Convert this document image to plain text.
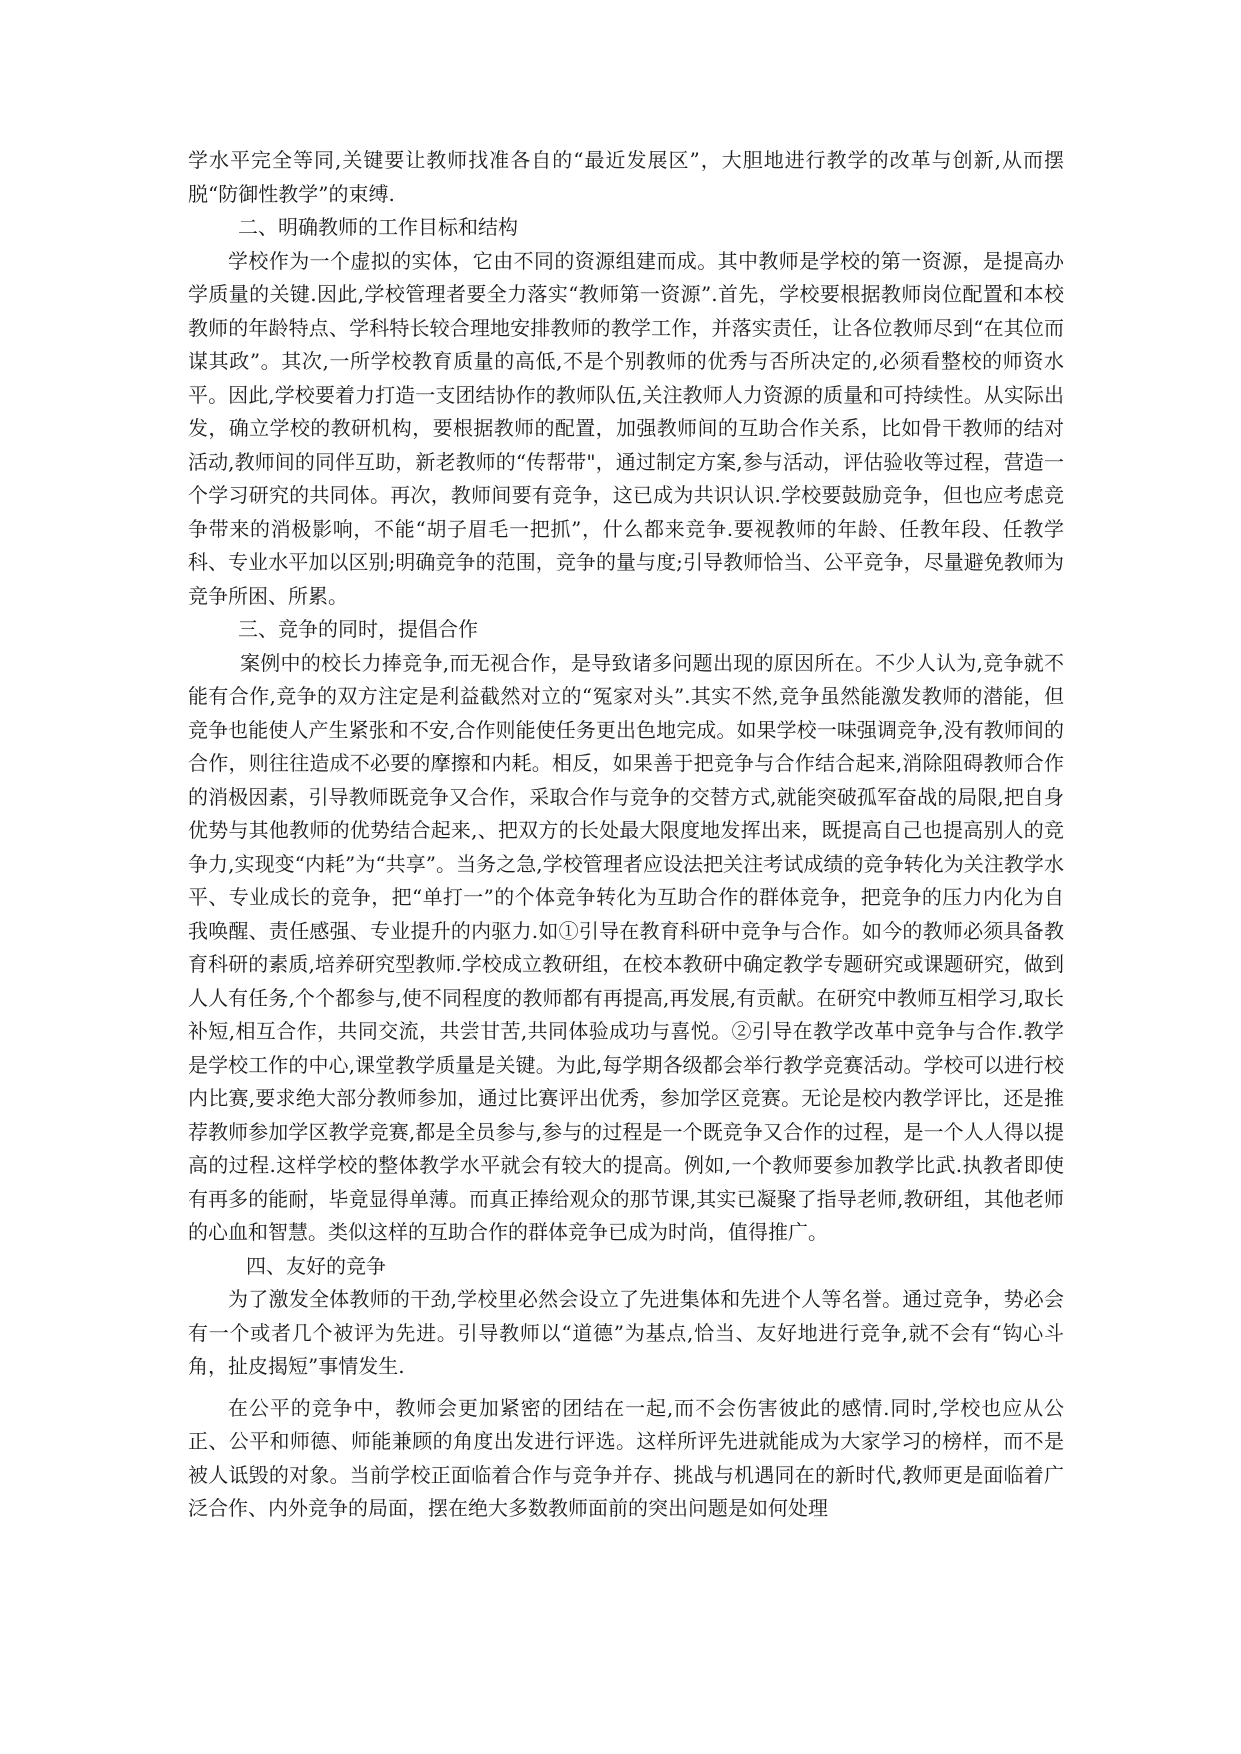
学水平完全等同,关键要让教师找准各自的“最近发展区”，大胆地进行教学的改革与创新,从而摆脱“防御性教学”的束缚.

二、明确教师的工作目标和结构

学校作为一个虚拟的实体，它由不同的资源组建而成。其中教师是学校的第一资源，是提高办学质量的关键.因此,学校管理者要全力落实“教师第一资源”.首先，学校要根据教师岗位配置和本校教师的年龄特点、学科特长较合理地安排教师的教学工作，并落实责任，让各位教师尽到“在其位而谋其政”。其次,一所学校教育质量的高低,不是个别教师的优秀与否所决定的,必须看整校的师资水平。因此,学校要着力打造一支团结协作的教师队伍,关注教师人力资源的质量和可持续性。从实际出发，确立学校的教研机构，要根据教师的配置，加强教师间的互助合作关系，比如骨干教师的结对活动,教师间的同伴互助，新老教师的“传帮带"，通过制定方案,参与活动，评估验收等过程，营造一个学习研究的共同体。再次，教师间要有竞争，这已成为共识认识.学校要鼓励竞争，但也应考虑竞争带来的消极影响，不能“胡子眉毛一把抓”，什么都来竞争.要视教师的年龄、任教年段、任教学科、专业水平加以区别;明确竞争的范围，竞争的量与度;引导教师恰当、公平竞争，尽量避免教师为竞争所困、所累。

三、竞争的同时，提倡合作

案例中的校长力捧竞争,而无视合作，是导致诸多问题出现的原因所在。不少人认为,竞争就不能有合作,竞争的双方注定是利益截然对立的“冤家对头”.其实不然,竞争虽然能激发教师的潜能，但竞争也能使人产生紧张和不安,合作则能使任务更出色地完成。如果学校一味强调竞争,没有教师间的合作，则往往造成不必要的摩擦和内耗。相反，如果善于把竞争与合作结合起来,消除阻碍教师合作的消极因素，引导教师既竞争又合作，采取合作与竞争的交替方式,就能突破孤军奋战的局限,把自身优势与其他教师的优势结合起来,、把双方的长处最大限度地发挥出来，既提高自己也提高别人的竞争力,实现变“内耗”为“共享”。当务之急,学校管理者应设法把关注考试成绩的竞争转化为关注教学水平、专业成长的竞争，把“单打一”的个体竞争转化为互助合作的群体竞争，把竞争的压力内化为自我唤醒、责任感强、专业提升的内驱力.如①引导在教育科研中竞争与合作。如今的教师必须具备教育科研的素质,培养研究型教师.学校成立教研组，在校本教研中确定教学专题研究或课题研究，做到人人有任务,个个都参与,使不同程度的教师都有再提高,再发展,有贡献。在研究中教师互相学习,取长补短,相互合作，共同交流，共尝甘苦,共同体验成功与喜悦。②引导在教学改革中竞争与合作.教学是学校工作的中心,课堂教学质量是关键。为此,每学期各级都会举行教学竞赛活动。学校可以进行校内比赛,要求绝大部分教师参加，通过比赛评出优秀，参加学区竞赛。无论是校内教学评比，还是推荐教师参加学区教学竞赛,都是全员参与,参与的过程是一个既竞争又合作的过程，是一个人人得以提高的过程.这样学校的整体教学水平就会有较大的提高。例如,一个教师要参加教学比武.执教者即使有再多的能耐，毕竟显得单薄。而真正捧给观众的那节课,其实已凝聚了指导老师,教研组，其他老师的心血和智慧。类似这样的互助合作的群体竞争已成为时尚，值得推广。

四、友好的竞争

为了激发全体教师的干劲,学校里必然会设立了先进集体和先进个人等名誉。通过竞争，势必会有一个或者几个被评为先进。引导教师以“道德”为基点,恰当、友好地进行竞争,就不会有“钩心斗角，扯皮揭短”事情发生.

在公平的竞争中，教师会更加紧密的团结在一起,而不会伤害彼此的感情.同时,学校也应从公正、公平和师德、师能兼顾的角度出发进行评选。这样所评先进就能成为大家学习的榜样，而不是被人诋毁的对象。当前学校正面临着合作与竞争并存、挑战与机遇同在的新时代,教师更是面临着广泛合作、内外竞争的局面，摆在绝大多数教师面前的突出问题是如何处理
